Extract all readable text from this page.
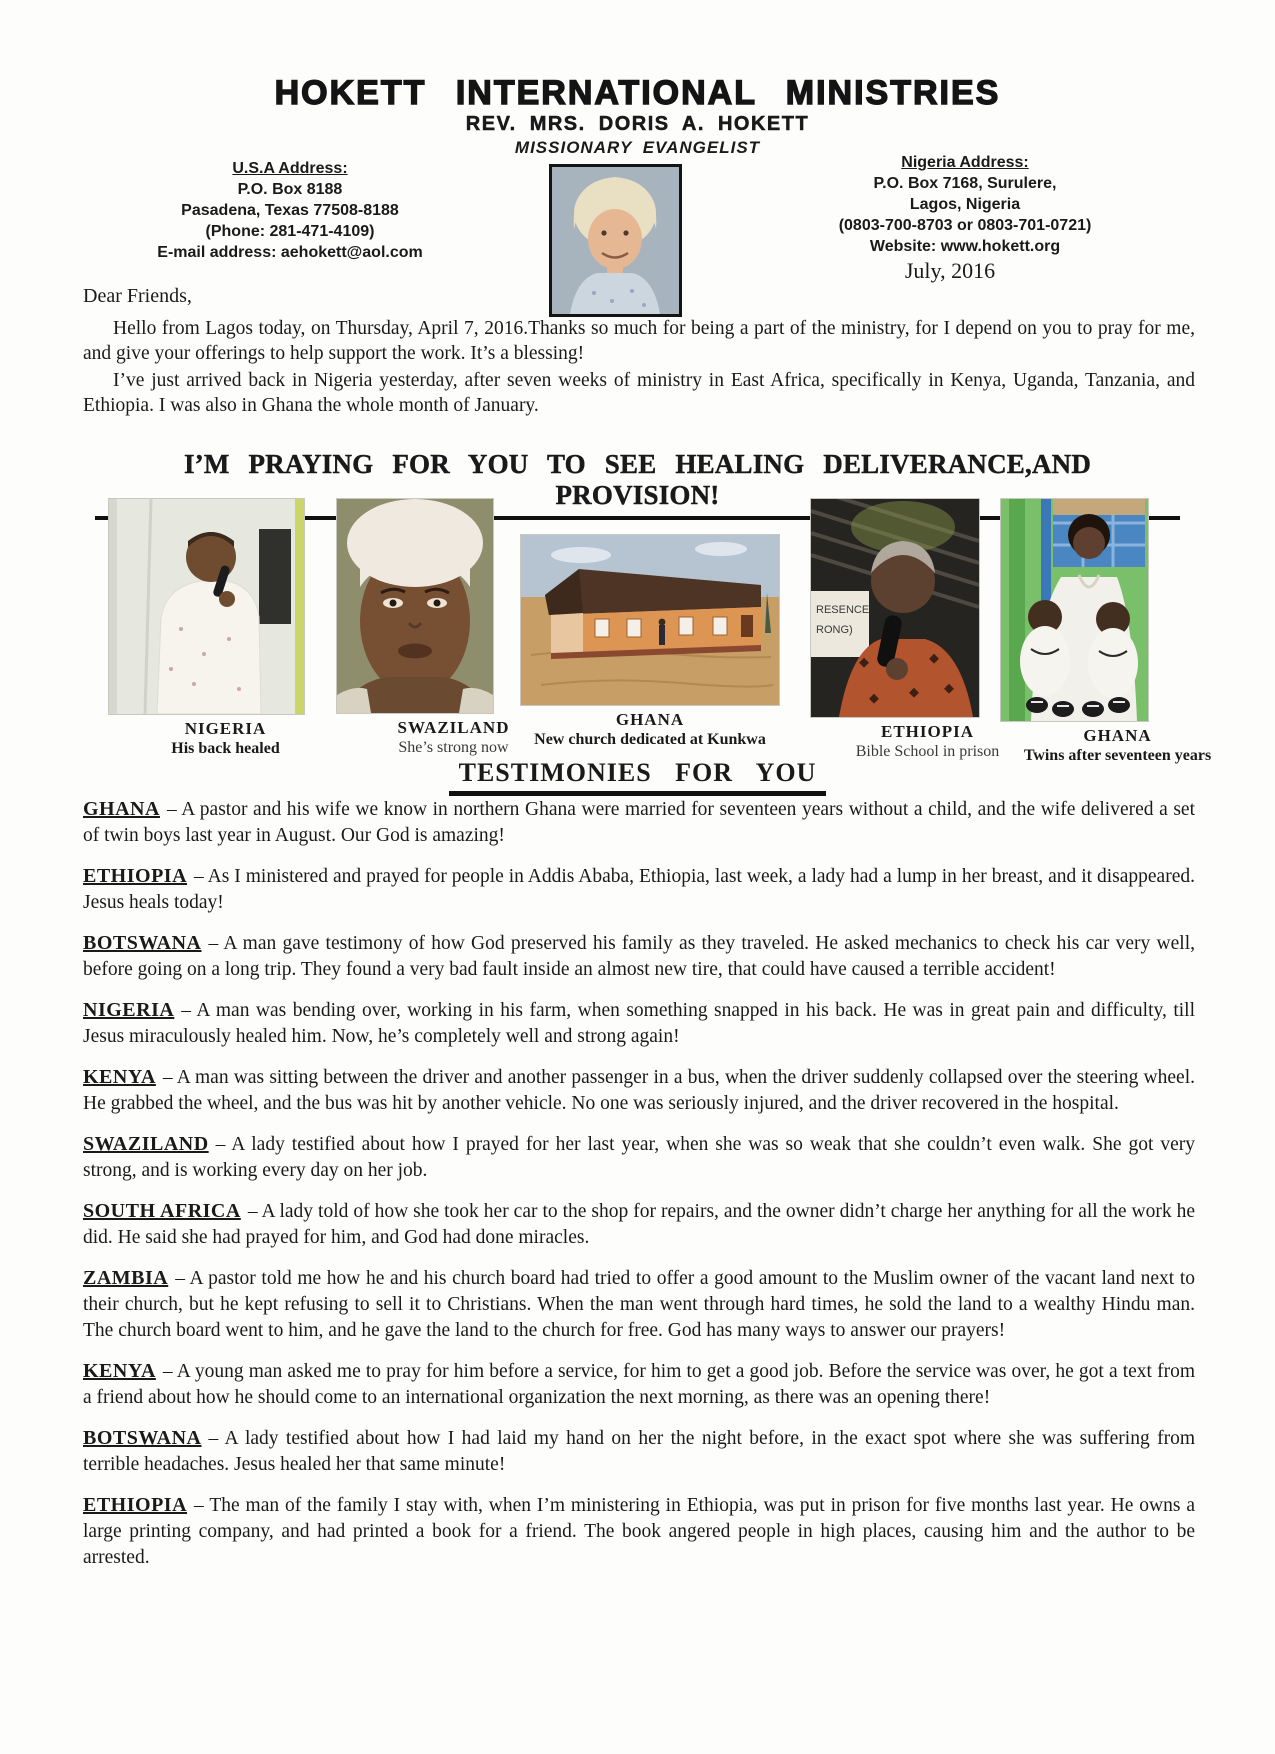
HOKETT INTERNATIONAL MINISTRIES
REV. MRS. DORIS A. HOKETT
MISSIONARY EVANGELIST
U.S.A Address:
P.O. Box 8188
Pasadena, Texas 77508-8188
(Phone: 281-471-4109)
E-mail address: aehokett@aol.com
Nigeria Address:
P.O. Box 7168, Surulere,
Lagos, Nigeria
(0803-700-8703 or 0803-701-0721)
Website: www.hokett.org
July, 2016
Dear Friends,

Hello from Lagos today, on Thursday, April 7, 2016.Thanks so much for being a part of the ministry, for I depend on you to pray for me, and give your offerings to help support the work. It’s a blessing!

I’ve just arrived back in Nigeria yesterday, after seven weeks of ministry in East Africa, specifically in Kenya, Uganda, Tanzania, and Ethiopia. I was also in Ghana the whole month of January.

I’M PRAYING FOR YOU TO SEE HEALING DELIVERANCE,AND PROVISION!
NIGERIA
His back healed
SWAZILAND
She’s strong now
GHANA
New church dedicated at Kunkwa
RESENCE
RONG)
ETHIOPIA
Bible School in prison
GHANA
Twins after seventeen years
TESTIMONIES FOR YOU

GHANA – A pastor and his wife we know in northern Ghana were married for seventeen years without a child, and the wife delivered a set of twin boys last year in August. Our God is amazing!

ETHIOPIA – As I ministered and prayed for people in Addis Ababa, Ethiopia, last week, a lady had a lump in her breast, and it disappeared. Jesus heals today!

BOTSWANA – A man gave testimony of how God preserved his family as they traveled. He asked mechanics to check his car very well, before going on a long trip. They found a very bad fault inside an almost new tire, that could have caused a terrible accident!

NIGERIA – A man was bending over, working in his farm, when something snapped in his back. He was in great pain and difficulty, till Jesus miraculously healed him. Now, he’s completely well and strong again!

KENYA – A man was sitting between the driver and another passenger in a bus, when the driver suddenly collapsed over the steering wheel. He grabbed the wheel, and the bus was hit by another vehicle. No one was seriously injured, and the driver recovered in the hospital.

SWAZILAND – A lady testified about how I prayed for her last year, when she was so weak that she couldn’t even walk. She got very strong, and is working every day on her job.

SOUTH AFRICA – A lady told of how she took her car to the shop for repairs, and the owner didn’t charge her anything for all the work he did. He said she had prayed for him, and God had done miracles.

ZAMBIA – A pastor told me how he and his church board had tried to offer a good amount to the Muslim owner of the vacant land next to their church, but he kept refusing to sell it to Christians. When the man went through hard times, he sold the land to a wealthy Hindu man. The church board went to him, and he gave the land to the church for free. God has many ways to answer our prayers!

KENYA – A young man asked me to pray for him before a service, for him to get a good job. Before the service was over, he got a text from a friend about how he should come to an international organization the next morning, as there was an opening there!

BOTSWANA – A lady testified about how I had laid my hand on her the night before, in the exact spot where she was suffering from terrible headaches. Jesus healed her that same minute!

ETHIOPIA – The man of the family I stay with, when I’m ministering in Ethiopia, was put in prison for five months last year. He owns a large printing company, and had printed a book for a friend. The book angered people in high places, causing him and the author to be arrested.
